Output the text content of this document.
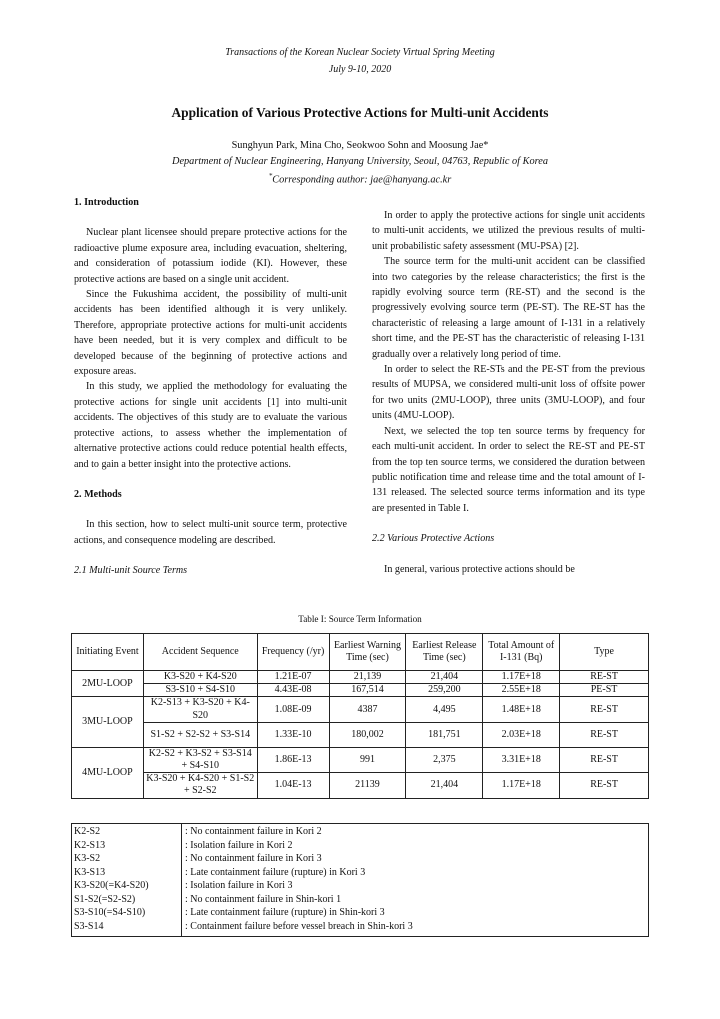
Transactions of the Korean Nuclear Society Virtual Spring Meeting
July 9-10, 2020
Application of Various Protective Actions for Multi-unit Accidents
Sunghyun Park, Mina Cho, Seokwoo Sohn and Moosung Jae*
Department of Nuclear Engineering, Hanyang University, Seoul, 04763, Republic of Korea
*Corresponding author: jae@hanyang.ac.kr

1. Introduction

Nuclear plant licensee should prepare protective actions for the radioactive plume exposure area, including evacuation, sheltering, and consideration of potassium iodide (KI). However, these protective actions are based on a single unit accident.

Since the Fukushima accident, the possibility of multi-unit accidents has been identified although it is very unlikely. Therefore, appropriate protective actions for multi-unit accidents have been needed, but it is very complex and difficult to be developed because of the beginning of protective actions and exposure areas.

In this study, we applied the methodology for evaluating the protective actions for single unit accidents [1] into multi-unit accidents. The objectives of this study are to evaluate the various protective actions, to assess whether the implementation of alternative protective actions could reduce potential health effects, and to gain a better insight into the protective actions.

2. Methods

In this section, how to select multi-unit source term, protective actions, and consequence modeling are described.

2.1 Multi-unit Source Terms

In order to apply the protective actions for single unit accidents to multi-unit accidents, we utilized the previous results of multi-unit probabilistic safety assessment (MU-PSA) [2].

The source term for the multi-unit accident can be classified into two categories by the release characteristics; the first is the rapidly evolving source term (RE-ST) and the second is the progressively evolving source term (PE-ST). The RE-ST has the characteristic of releasing a large amount of I-131 in a relatively short time, and the PE-ST has the characteristic of releasing I-131 gradually over a relatively long period of time.

In order to select the RE-STs and the PE-ST from the previous results of MUPSA, we considered multi-unit loss of offsite power for two units (2MU-LOOP), three units (3MU-LOOP), and four units (4MU-LOOP).

Next, we selected the top ten source terms by frequency for each multi-unit accident. In order to select the RE-ST and PE-ST from the top ten source terms, we considered the duration between public notification time and release time and the total amount of I-131 released. The selected source terms information and its type are presented in Table I.

2.2 Various Protective Actions

In general, various protective actions should be

Table I: Source Term Information
Initiating Event	Accident Sequence	Frequency (/yr)	Earliest Warning Time (sec)	Earliest Release Time (sec)	Total Amount of I-131 (Bq)	Type
2MU-LOOP	K3-S20 + K4-S20	1.21E-07	21,139	21,404	1.17E+18	RE-ST
	S3-S10 + S4-S10	4.43E-08	167,514	259,200	2.55E+18	PE-ST
3MU-LOOP	K2-S13 + K3-S20 + K4-S20	1.08E-09	4387	4,495	1.48E+18	RE-ST
	S1-S2 + S2-S2 + S3-S14	1.33E-10	180,002	181,751	2.03E+18	RE-ST
4MU-LOOP	K2-S2 + K3-S2 + S3-S14 + S4-S10	1.86E-13	991	2,375	3.31E+18	RE-ST
	K3-S20 + K4-S20 + S1-S2 + S2-S2	1.04E-13	21139	21,404	1.17E+18	RE-ST
K2-S2	: No containment failure in Kori 2
K2-S13	: Isolation failure in Kori 2
K3-S2	: No containment failure in Kori 3
K3-S13	: Late containment failure (rupture) in Kori 3
K3-S20(=K4-S20)	: Isolation failure in Kori 3
S1-S2(=S2-S2)	: No containment failure in Shin-kori 1
S3-S10(=S4-S10)	: Late containment failure (rupture) in Shin-kori 3
S3-S14	: Containment failure before vessel breach in Shin-kori 3
